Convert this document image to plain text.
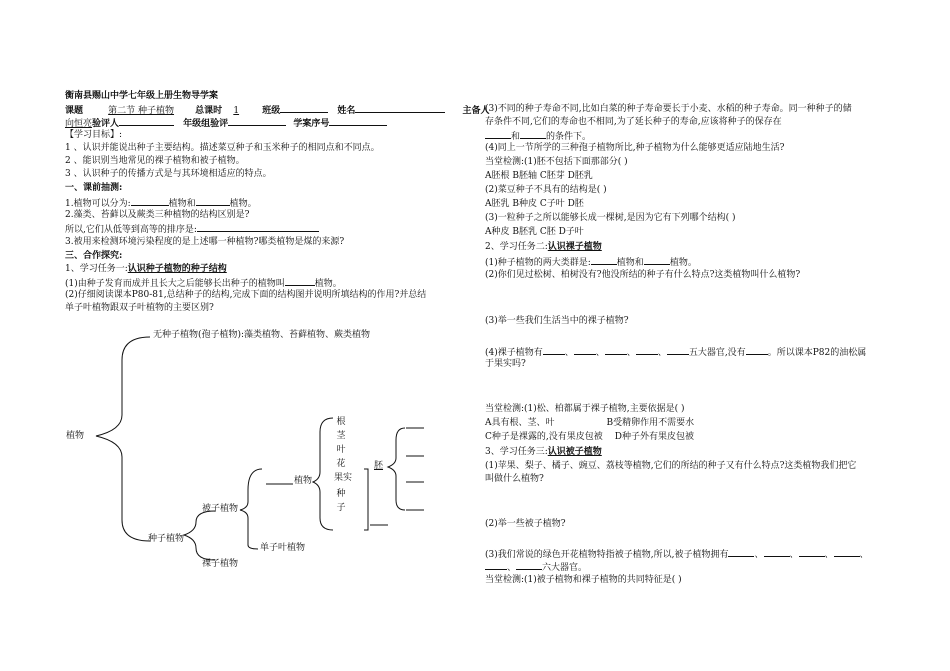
衡南县赐山中学七年级上册生物导学案
课题	第二节 种子植物 总课时 1	班级	姓名	主备人
向恒亮验评人	年级组验评	学案序号
【学习目标】:
1 、认识并能说出种子主要结构。描述菜豆种子和玉米种子的相同点和不同点。
2 、能识别当地常见的裸子植物和被子植物。
3 、认识种子的传播方式是与其环境相适应的特点。
一、课前抽测:
1.植物可以分为:	植物和	植物。
2.藻类、苔藓以及蕨类三种植物的结构区别是?
所以,它们从低等到高等的排序是:
3.被用来检测环境污染程度的是上述哪一种植物?哪类植物是煤的来源?
三、合作探究:
1、学习任务一:认识种子植物的种子结构
(1)由种子发育而成并且长大之后能够长出种子的植物叫	植物。
(2)仔细阅读课本P80-81,总结种子的结构,完成下面的结构图并说明所填结构的作用?并总结
单子叶植物跟双子叶植物的主要区别?
无种子植物(孢子植物):藻类植物、苔藓植物、蕨类植物
植物
种子植物
被子植物
裸子植物
植物
单子叶植物
根
茎
叶
花
果实
种子
胚
(3)不同的种子寿命不同,比如白菜的种子寿命要长于小麦、水稻的种子寿命。同一种种子的储
存条件不同,它们的寿命也不相同,为了延长种子的寿命,应该将种子的保存在
和	的条件下。
(4)同上一节所学的三种孢子植物所比,种子植物为什么能够更适应陆地生活?
当堂检测:(1)胚不包括下面那部分( )
A胚根 B胚轴 C胚芽 D胚乳
(2)菜豆种子不具有的结构是( )
A胚乳 B种皮 C子叶 D胚
(3)一粒种子之所以能够长成一棵树,是因为它有下列哪个结构( )
A种皮 B胚乳 C胚 D子叶
2、学习任务二:认识裸子植物
(1)种子植物的两大类群是:	植物和	植物。
(2)你们见过松树、柏树没有?他没所结的种子有什么特点?这类植物叫什么植物?
(3)举一些我们生活当中的裸子植物?
(4)裸子植物有 、 、 、 、 五大器官,没有 。所以课本P82的油松属
于果实吗?
当堂检测:(1)松、柏都属于裸子植物,主要依据是( )
A具有根、茎、叶	B受精卵作用不需要水
C种子是裸露的,没有果皮包被 D种子外有果皮包被
3、学习任务三:认识被子植物
(1)苹果、梨子、橘子、豌豆、荔枝等植物,它们的所结的种子又有什么特点?这类植物我们把它
叫做什么植物?
(2)举一些被子植物?
(3)我们常说的绿色开花植物特指被子植物,所以,被子植物拥有	、	、	、	、
、	六大器官。
当堂检测:(1)被子植物和裸子植物的共同特征是( )
